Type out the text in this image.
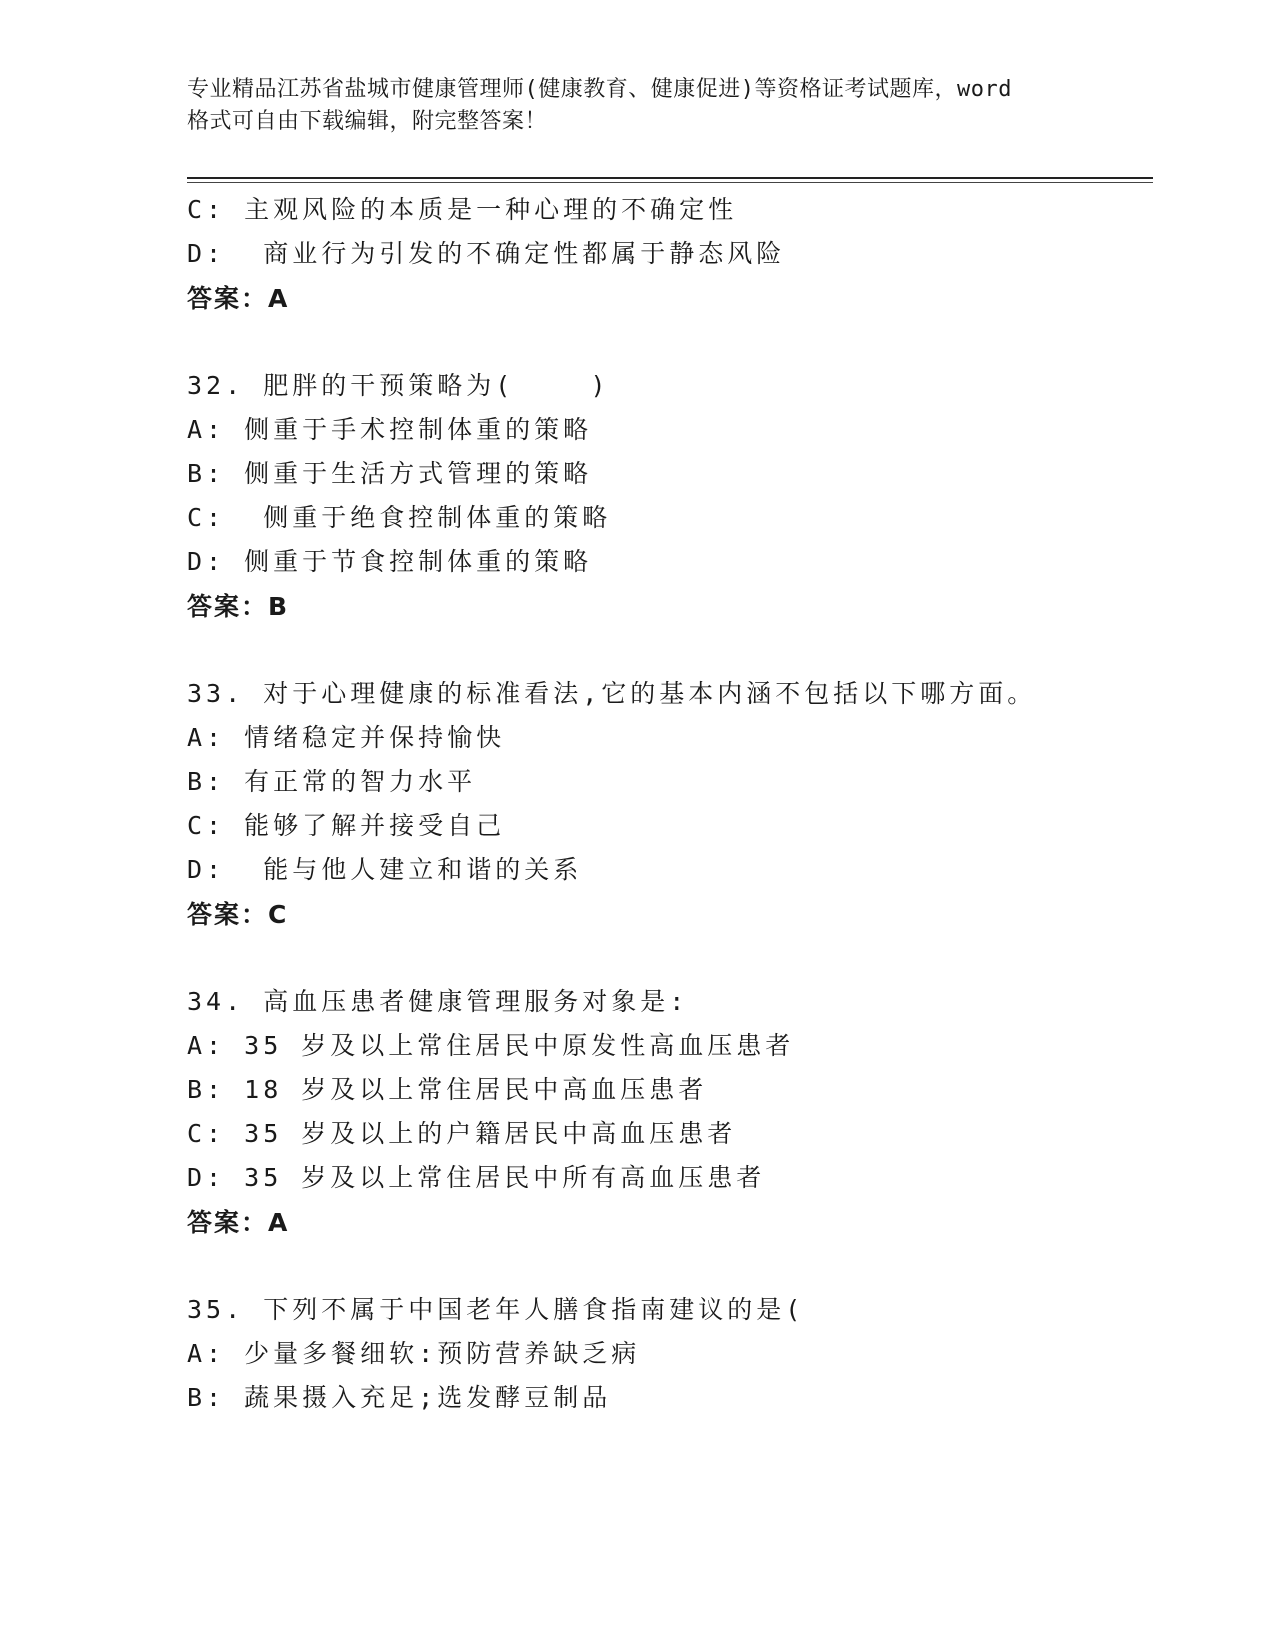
专业精品江苏省盐城市健康管理师(健康教育、健康促进)等资格证考试题库，word
格式可自由下载编辑，附完整答案！
C: 主观风险的本质是一种心理的不确定性
D:  商业行为引发的不确定性都属于静态风险
答案：A
32. 肥胖的干预策略为(    )
A: 侧重于手术控制体重的策略
B: 侧重于生活方式管理的策略
C:  侧重于绝食控制体重的策略
D: 侧重于节食控制体重的策略
答案：B
33. 对于心理健康的标准看法,它的基本内涵不包括以下哪方面。
A: 情绪稳定并保持愉快
B: 有正常的智力水平
C: 能够了解并接受自己
D:  能与他人建立和谐的关系
答案：C
34. 高血压患者健康管理服务对象是:
A: 35 岁及以上常住居民中原发性高血压患者
B: 18 岁及以上常住居民中高血压患者
C: 35 岁及以上的户籍居民中高血压患者
D: 35 岁及以上常住居民中所有高血压患者
答案：A
35. 下列不属于中国老年人膳食指南建议的是(
A: 少量多餐细软:预防营养缺乏病
B: 蔬果摄入充足;选发酵豆制品
